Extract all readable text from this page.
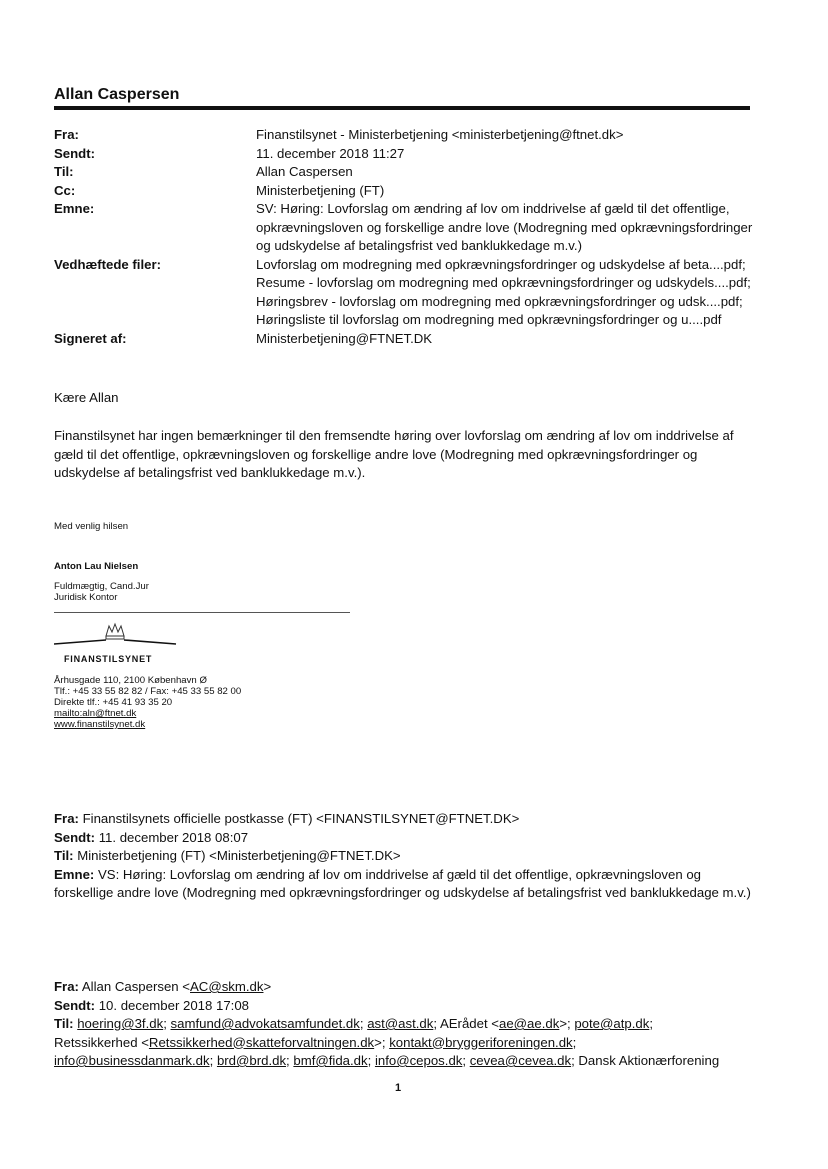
Allan Caspersen
Fra:	Finanstilsynet - Ministerbetjening <ministerbetjening@ftnet.dk>
Sendt:	11. december 2018 11:27
Til:	Allan Caspersen
Cc:	Ministerbetjening (FT)
Emne:	SV: Høring: Lovforslag om ændring af lov om inddrivelse af gæld til det offentlige, opkrævningsloven og forskellige andre love (Modregning med opkrævningsfordringer og udskydelse af betalingsfrist ved banklukkedage m.v.)
Vedhæftede filer:	Lovforslag om modregning med opkrævningsfordringer og udskydelse af beta....pdf; Resume - lovforslag om modregning med opkrævningsfordringer og udskydels....pdf; Høringsbrev - lovforslag om modregning med opkrævningsfordringer og udsk....pdf; Høringsliste til lovforslag om modregning med opkrævningsfordringer og u....pdf
Signeret af:	Ministerbetjening@FTNET.DK
Kære Allan
Finanstilsynet har ingen bemærkninger til den fremsendte høring over lovforslag om ændring af lov om inddrivelse af gæld til det offentlige, opkrævningsloven og forskellige andre love (Modregning med opkrævningsfordringer og udskydelse af betalingsfrist ved banklukkedage m.v.).
Med venlig hilsen
Anton Lau Nielsen
Fuldmægtig, Cand.Jur
Juridisk Kontor
FINANSTILSYNET
Århusgade 110, 2100 København Ø
Tlf.: +45 33 55 82 82 / Fax: +45 33 55 82 00
Direkte tlf.: +45 41 93 35 20
mailto:aln@ftnet.dk
www.finanstilsynet.dk
Fra: Finanstilsynets officielle postkasse (FT) <FINANSTILSYNET@FTNET.DK>
Sendt: 11. december 2018 08:07
Til: Ministerbetjening (FT) <Ministerbetjening@FTNET.DK>
Emne: VS: Høring: Lovforslag om ændring af lov om inddrivelse af gæld til det offentlige, opkrævningsloven og forskellige andre love (Modregning med opkrævningsfordringer og udskydelse af betalingsfrist ved banklukkedage m.v.)
Fra: Allan Caspersen <AC@skm.dk>
Sendt: 10. december 2018 17:08
Til: hoering@3f.dk; samfund@advokatsamfundet.dk; ast@ast.dk; AErådet <ae@ae.dk>; pote@atp.dk;
Retssikkerhed <Retssikkerhed@skatteforvaltningen.dk>; kontakt@bryggeriforeningen.dk;
info@businessdanmark.dk; brd@brd.dk; bmf@fida.dk; info@cepos.dk; cevea@cevea.dk; Dansk Aktionærforening
1
